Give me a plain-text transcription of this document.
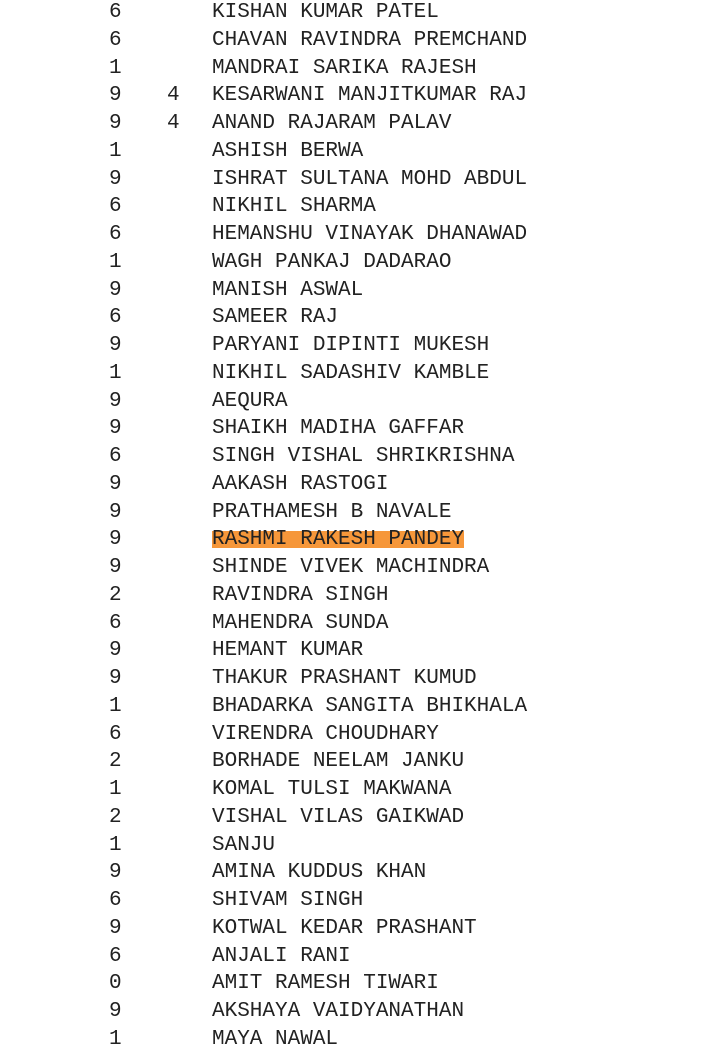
6	KISHAN KUMAR PATEL
6	CHAVAN RAVINDRA PREMCHAND
1	MANDRAI SARIKA RAJESH
9 4 KESARWANI MANJITKUMAR RAJ
9 4 ANAND RAJARAM PALAV
1	ASHISH BERWA
9	ISHRAT SULTANA MOHD ABDUL
6	NIKHIL SHARMA
6	HEMANSHU VINAYAK DHANAWAD
1	WAGH PANKAJ DADARAO
9	MANISH ASWAL
6	SAMEER RAJ
9	PARYANI DIPINTI MUKESH
1	NIKHIL SADASHIV KAMBLE
9	AEQURA
9	SHAIKH MADIHA GAFFAR
6	SINGH VISHAL SHRIKRISHNA
9	AAKASH RASTOGI
9	PRATHAMESH B NAVALE
9	RASHMI RAKESH PANDEY
9	SHINDE VIVEK MACHINDRA
2	RAVINDRA SINGH
6	MAHENDRA SUNDA
9	HEMANT KUMAR
9	THAKUR PRASHANT KUMUD
1	BHADARKA SANGITA BHIKHALA
6	VIRENDRA CHOUDHARY
2	BORHADE NEELAM JANKU
1	KOMAL TULSI MAKWANA
2	VISHAL VILAS GAIKWAD
1	SANJU
9	AMINA KUDDUS KHAN
6	SHIVAM SINGH
9	KOTWAL KEDAR PRASHANT
6	ANJALI RANI
0	AMIT RAMESH TIWARI
9	AKSHAYA VAIDYANATHAN
1	MAYA NAWAL
